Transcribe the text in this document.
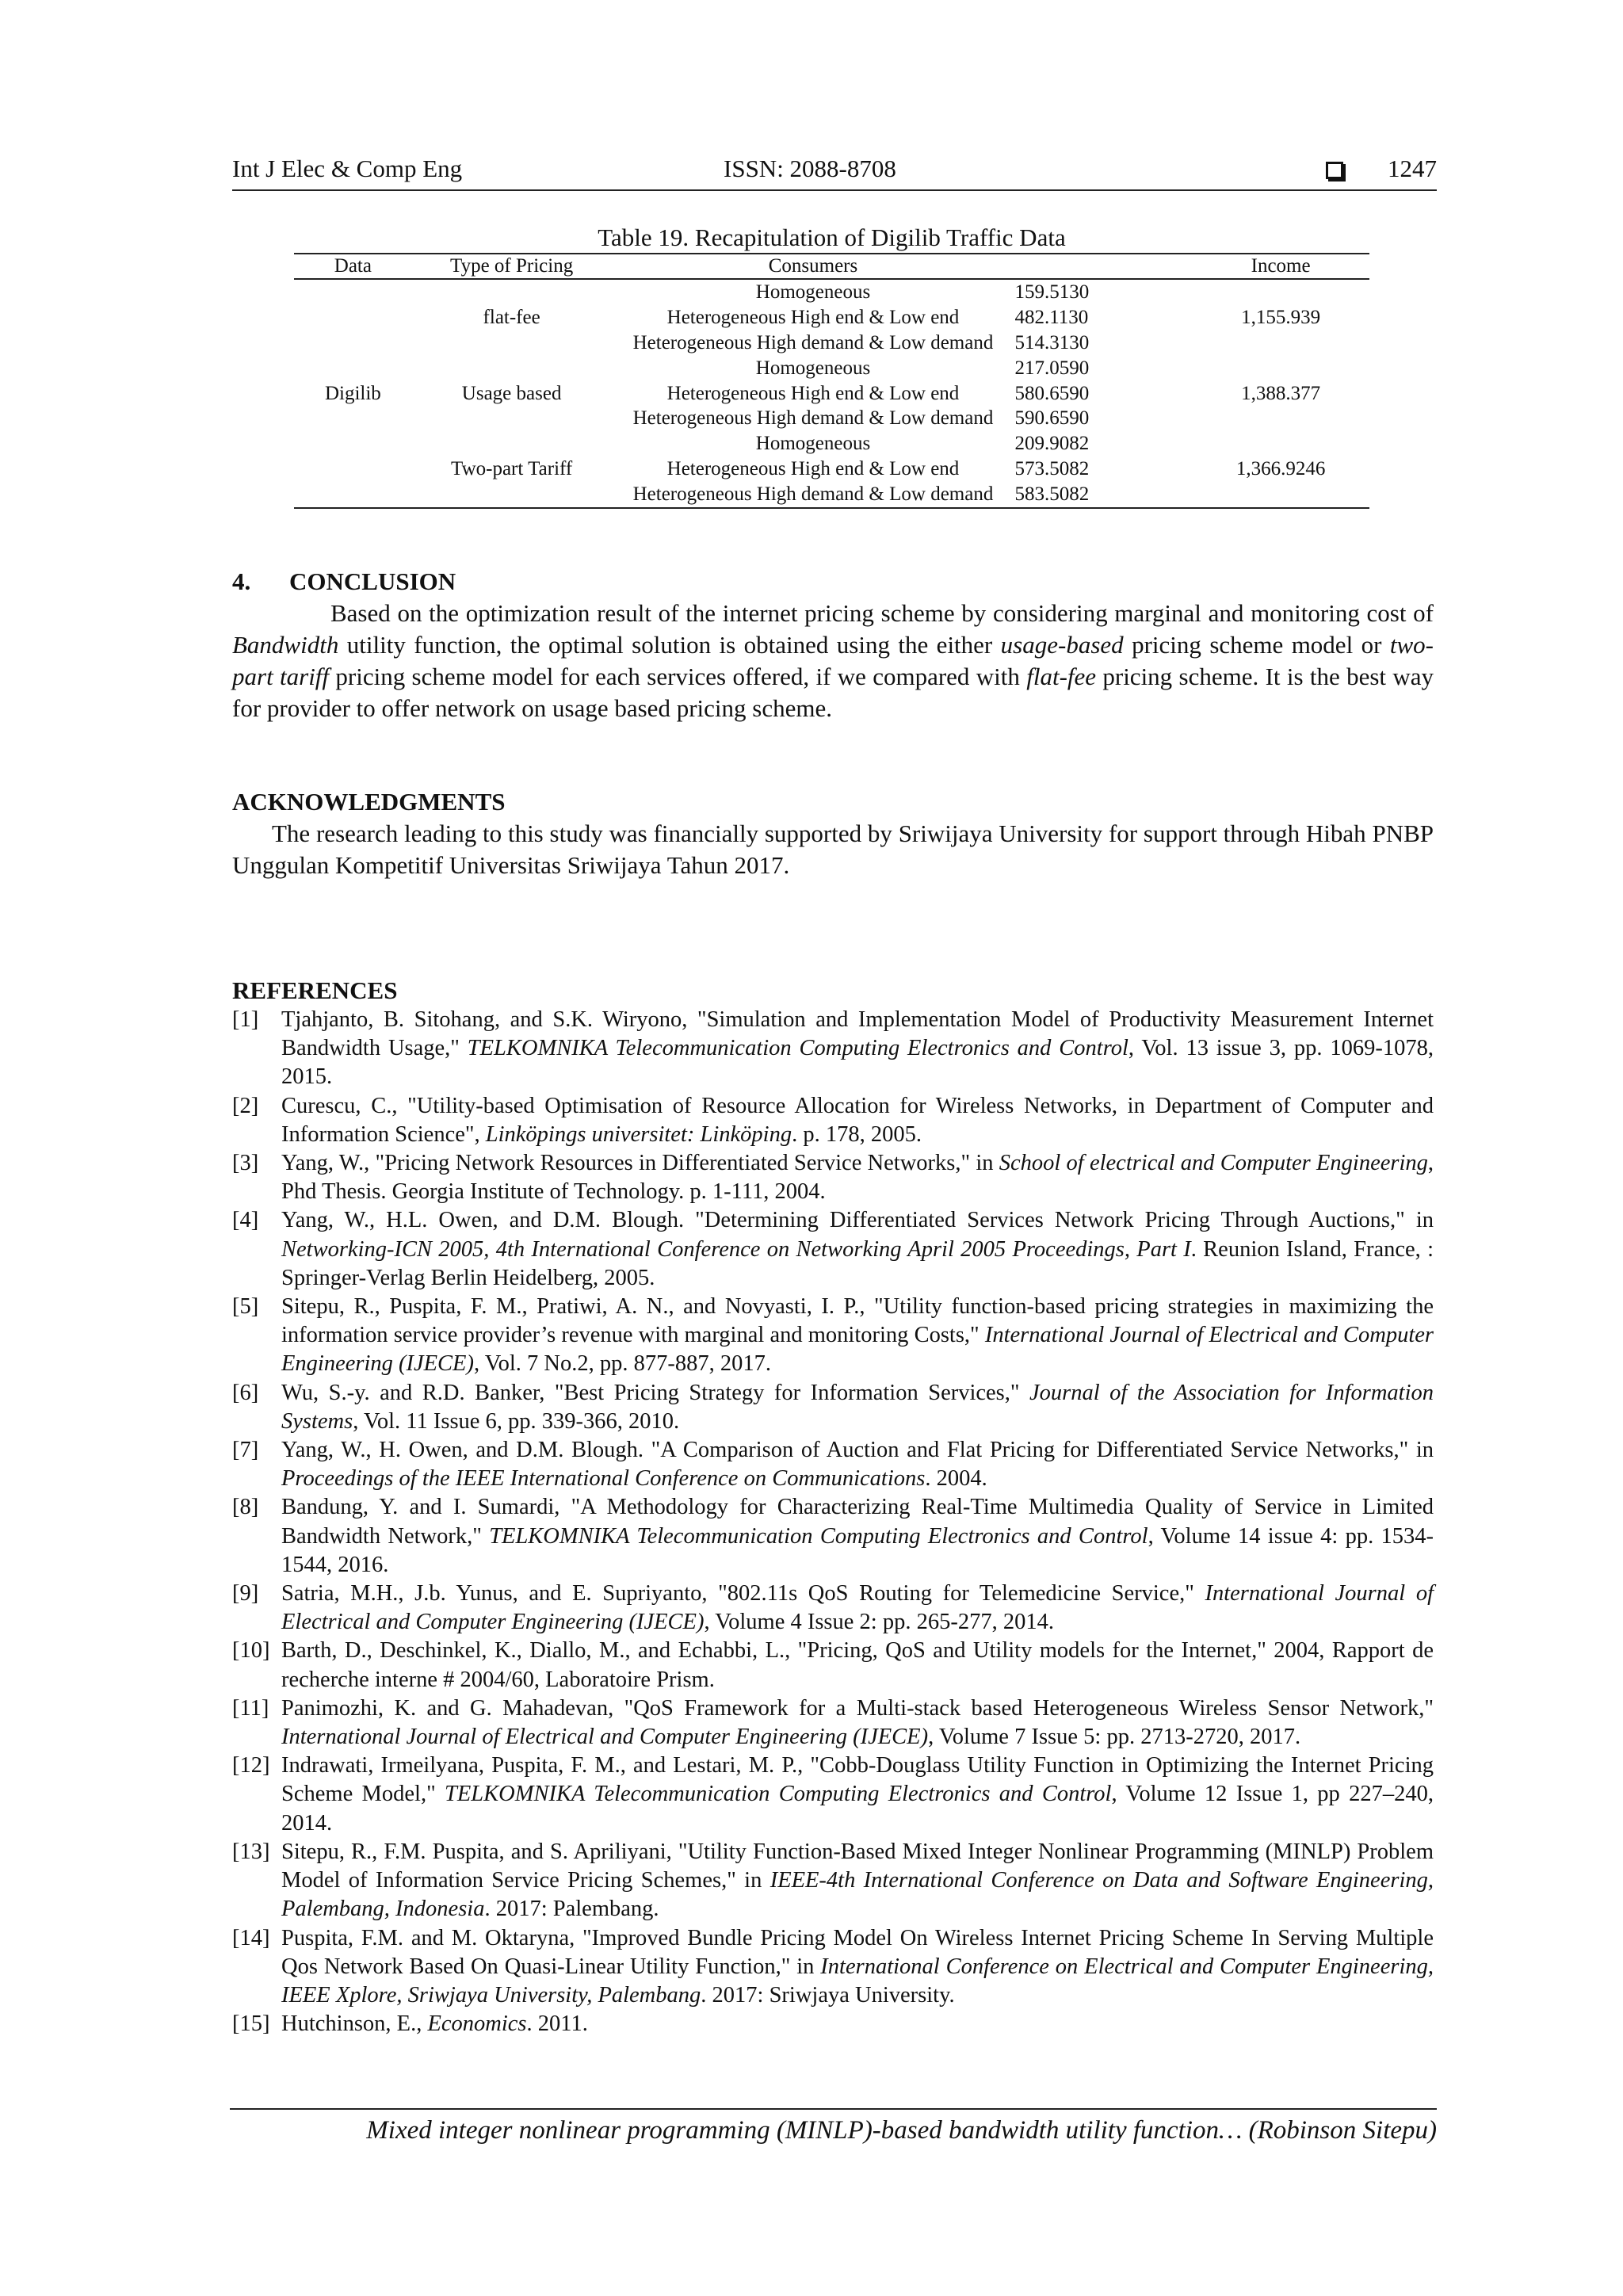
Int J Elec & Comp Eng	ISSN: 2088-8708	1247
Table 19. Recapitulation of Digilib Traffic Data
Data	Type of Pricing	Consumers		Income
		Homogeneous	159.5130	
	flat-fee	Heterogeneous High end & Low end	482.1130	1,155.939
		Heterogeneous High demand & Low demand	514.3130	
		Homogeneous	217.0590	
Digilib	Usage based	Heterogeneous High end & Low end	580.6590	1,388.377
		Heterogeneous High demand & Low demand	590.6590	
		Homogeneous	209.9082	
	Two-part Tariff	Heterogeneous High end & Low end	573.5082	1,366.9246
		Heterogeneous High demand & Low demand	583.5082	
4. CONCLUSION

Based on the optimization result of the internet pricing scheme by considering marginal and monitoring cost of Bandwidth utility function, the optimal solution is obtained using the either usage-based pricing scheme model or two-part tariff pricing scheme model for each services offered, if we compared with flat-fee pricing scheme. It is the best way for provider to offer network on usage based pricing scheme.

ACKNOWLEDGMENTS

The research leading to this study was financially supported by Sriwijaya University for support through Hibah PNBP Unggulan Kompetitif Universitas Sriwijaya Tahun 2017.

REFERENCES
[1]	Tjahjanto, B. Sitohang, and S.K. Wiryono, "Simulation and Implementation Model of Productivity Measurement Internet Bandwidth Usage," TELKOMNIKA Telecommunication Computing Electronics and Control, Vol. 13 issue 3, pp. 1069-1078, 2015.
[2]	Curescu, C., "Utility-based Optimisation of Resource Allocation for Wireless Networks, in Department of Computer and Information Science", Linköpings universitet: Linköping. p. 178, 2005.
[3]	Yang, W., "Pricing Network Resources in Differentiated Service Networks," in School of electrical and Computer Engineering, Phd Thesis. Georgia Institute of Technology. p. 1-111, 2004.
[4]	Yang, W., H.L. Owen, and D.M. Blough. "Determining Differentiated Services Network Pricing Through Auctions," in Networking-ICN 2005, 4th International Conference on Networking April 2005 Proceedings, Part I. Reunion Island, France, : Springer-Verlag Berlin Heidelberg, 2005.
[5]	Sitepu, R., Puspita, F. M., Pratiwi, A. N., and Novyasti, I. P., "Utility function-based pricing strategies in maximizing the information service provider’s revenue with marginal and monitoring Costs," International Journal of Electrical and Computer Engineering (IJECE), Vol. 7 No.2, pp. 877-887, 2017.
[6]	Wu, S.-y. and R.D. Banker, "Best Pricing Strategy for Information Services," Journal of the Association for Information Systems, Vol. 11 Issue 6, pp. 339-366, 2010.
[7]	Yang, W., H. Owen, and D.M. Blough. "A Comparison of Auction and Flat Pricing for Differentiated Service Networks," in Proceedings of the IEEE International Conference on Communications. 2004.
[8]	Bandung, Y. and I. Sumardi, "A Methodology for Characterizing Real-Time Multimedia Quality of Service in Limited Bandwidth Network," TELKOMNIKA Telecommunication Computing Electronics and Control, Volume 14 issue 4: pp. 1534-1544, 2016.
[9]	Satria, M.H., J.b. Yunus, and E. Supriyanto, "802.11s QoS Routing for Telemedicine Service," International Journal of Electrical and Computer Engineering (IJECE), Volume 4 Issue 2: pp. 265-277, 2014.
[10] Barth, D., Deschinkel, K., Diallo, M., and Echabbi, L., "Pricing, QoS and Utility models for the Internet," 2004, Rapport de recherche interne # 2004/60, Laboratoire Prism.
[11] Panimozhi, K. and G. Mahadevan, "QoS Framework for a Multi-stack based Heterogeneous Wireless Sensor Network," International Journal of Electrical and Computer Engineering (IJECE), Volume 7 Issue 5: pp. 2713-2720, 2017.
[12] Indrawati, Irmeilyana, Puspita, F. M., and Lestari, M. P., "Cobb-Douglass Utility Function in Optimizing the Internet Pricing Scheme Model," TELKOMNIKA Telecommunication Computing Electronics and Control, Volume 12 Issue 1, pp 227–240, 2014.
[13] Sitepu, R., F.M. Puspita, and S. Apriliyani, "Utility Function-Based Mixed Integer Nonlinear Programming (MINLP) Problem Model of Information Service Pricing Schemes," in IEEE-4th International Conference on Data and Software Engineering, Palembang, Indonesia. 2017: Palembang.
[14] Puspita, F.M. and M. Oktaryna, "Improved Bundle Pricing Model On Wireless Internet Pricing Scheme In Serving Multiple Qos Network Based On Quasi-Linear Utility Function," in International Conference on Electrical and Computer Engineering, IEEE Xplore, Sriwjaya University, Palembang. 2017: Sriwjaya University.
[15] Hutchinson, E., Economics. 2011.
Mixed integer nonlinear programming (MINLP)-based bandwidth utility function… (Robinson Sitepu)
